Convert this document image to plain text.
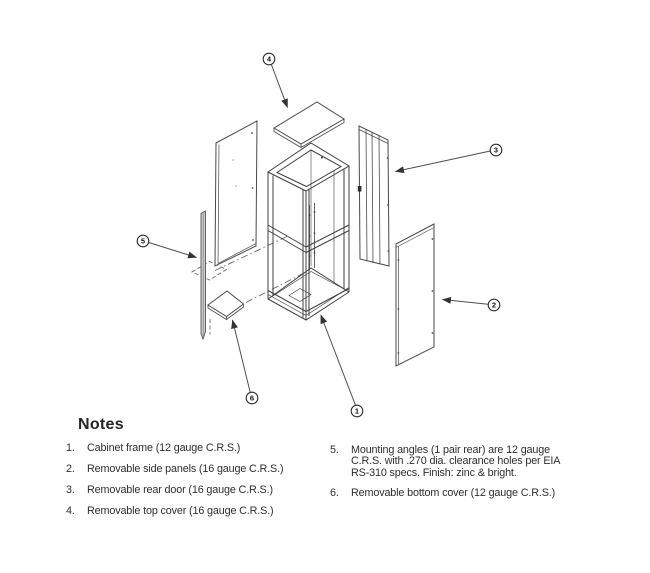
4
5
3
2
6
1
Notes
1.	Cabinet frame (12 gauge C.R.S.)
2.	Removable side panels (16 gauge C.R.S.)
3.	Removable rear door (16 gauge C.R.S.)
4.	Removable top cover (16 gauge C.R.S.)
5.	Mounting angles (1 pair rear) are 12 gauge
C.R.S. with .270 dia. clearance holes per EIA
RS-310 specs. Finish: zinc & bright.
6.	Removable bottom cover (12 gauge C.R.S.)
